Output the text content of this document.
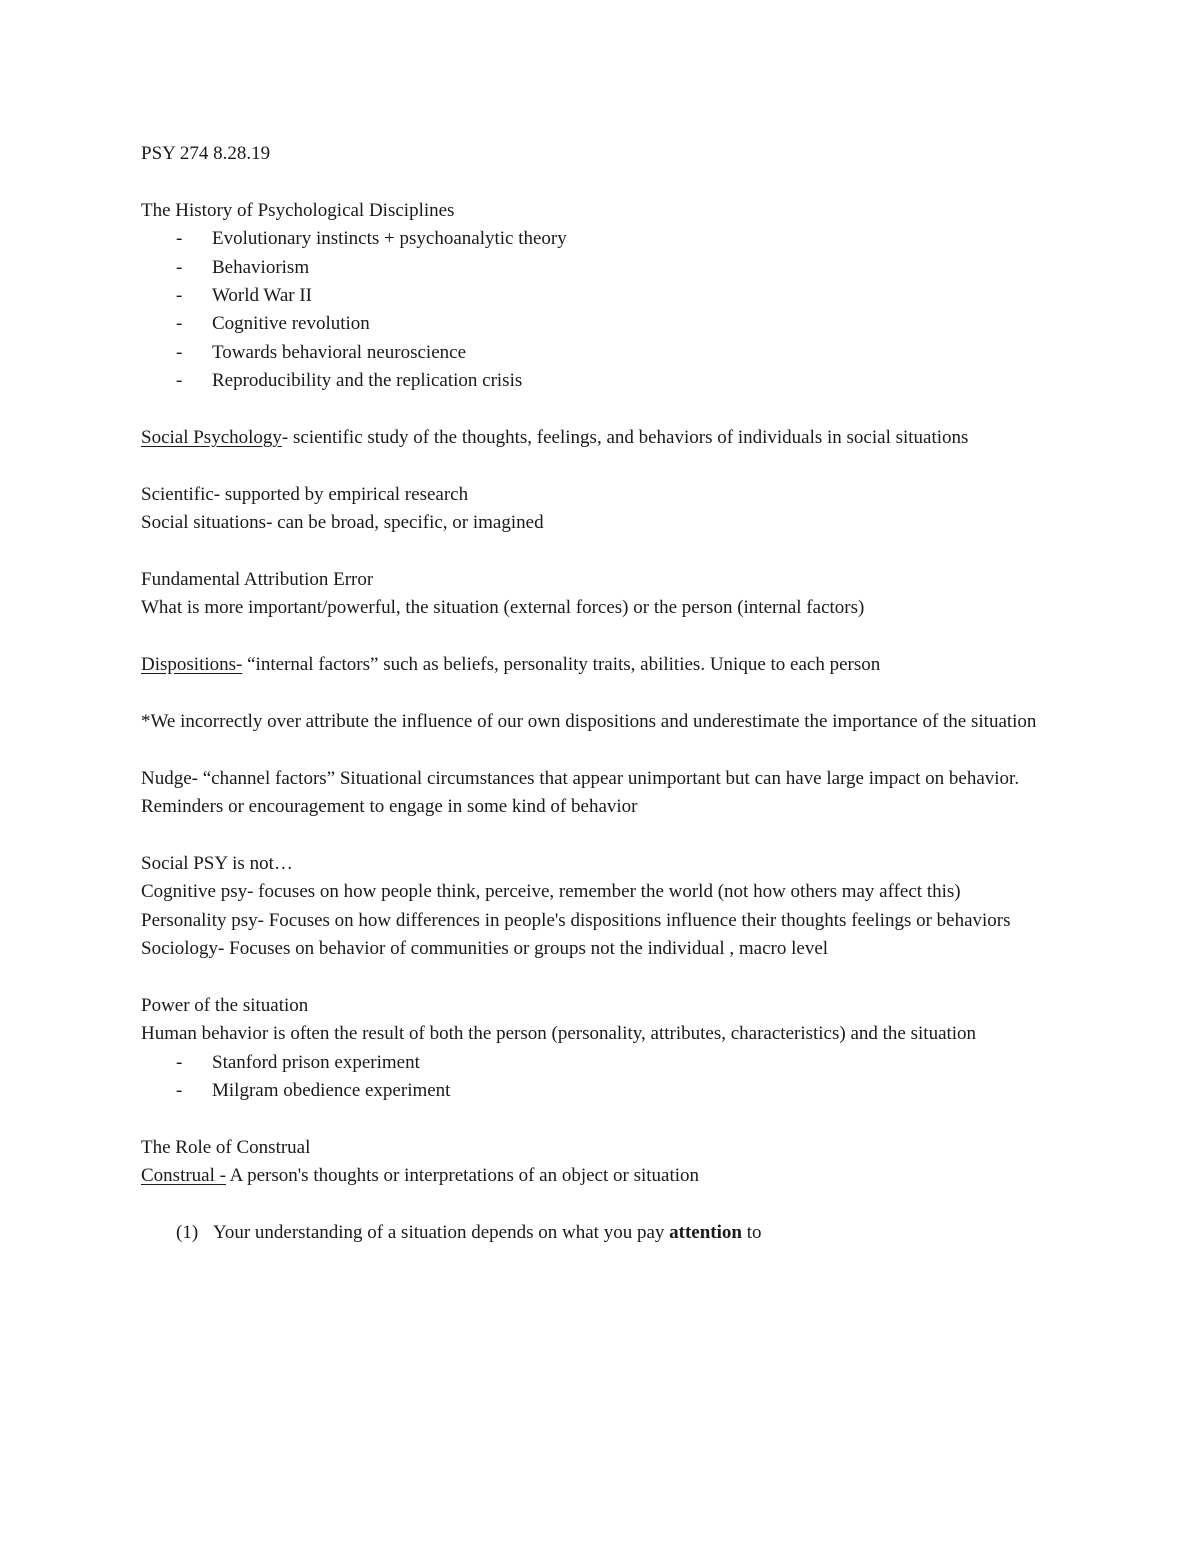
PSY 274 8.28.19

The History of Psychological Disciplines

- Evolutionary instincts + psychoanalytic theory
- Behaviorism
- World War II
- Cognitive revolution
- Towards behavioral neuroscience
- Reproducibility and the replication crisis

Social Psychology- scientific study of the thoughts, feelings, and behaviors of individuals in social situations

Scientific- supported by empirical research

Social situations- can be broad, specific, or imagined

Fundamental Attribution Error

What is more important/powerful, the situation (external forces) or the person (internal factors)

Dispositions- “internal factors” such as beliefs, personality traits, abilities. Unique to each person

*We incorrectly over attribute the influence of our own dispositions and underestimate the importance of the situation

Nudge- “channel factors” Situational circumstances that appear unimportant but can have large impact on behavior. Reminders or encouragement to engage in some kind of behavior

Social PSY is not…

Cognitive psy- focuses on how people think, perceive, remember the world (not how others may affect this)

Personality psy- Focuses on how differences in people's dispositions influence their thoughts feelings or behaviors

Sociology- Focuses on behavior of communities or groups not the individual , macro level

Power of the situation

Human behavior is often the result of both the person (personality, attributes, characteristics) and the situation

- Stanford prison experiment
- Milgram obedience experiment

The Role of Construal

Construal - A person's thoughts or interpretations of an object or situation

(1) Your understanding of a situation depends on what you pay attention to
